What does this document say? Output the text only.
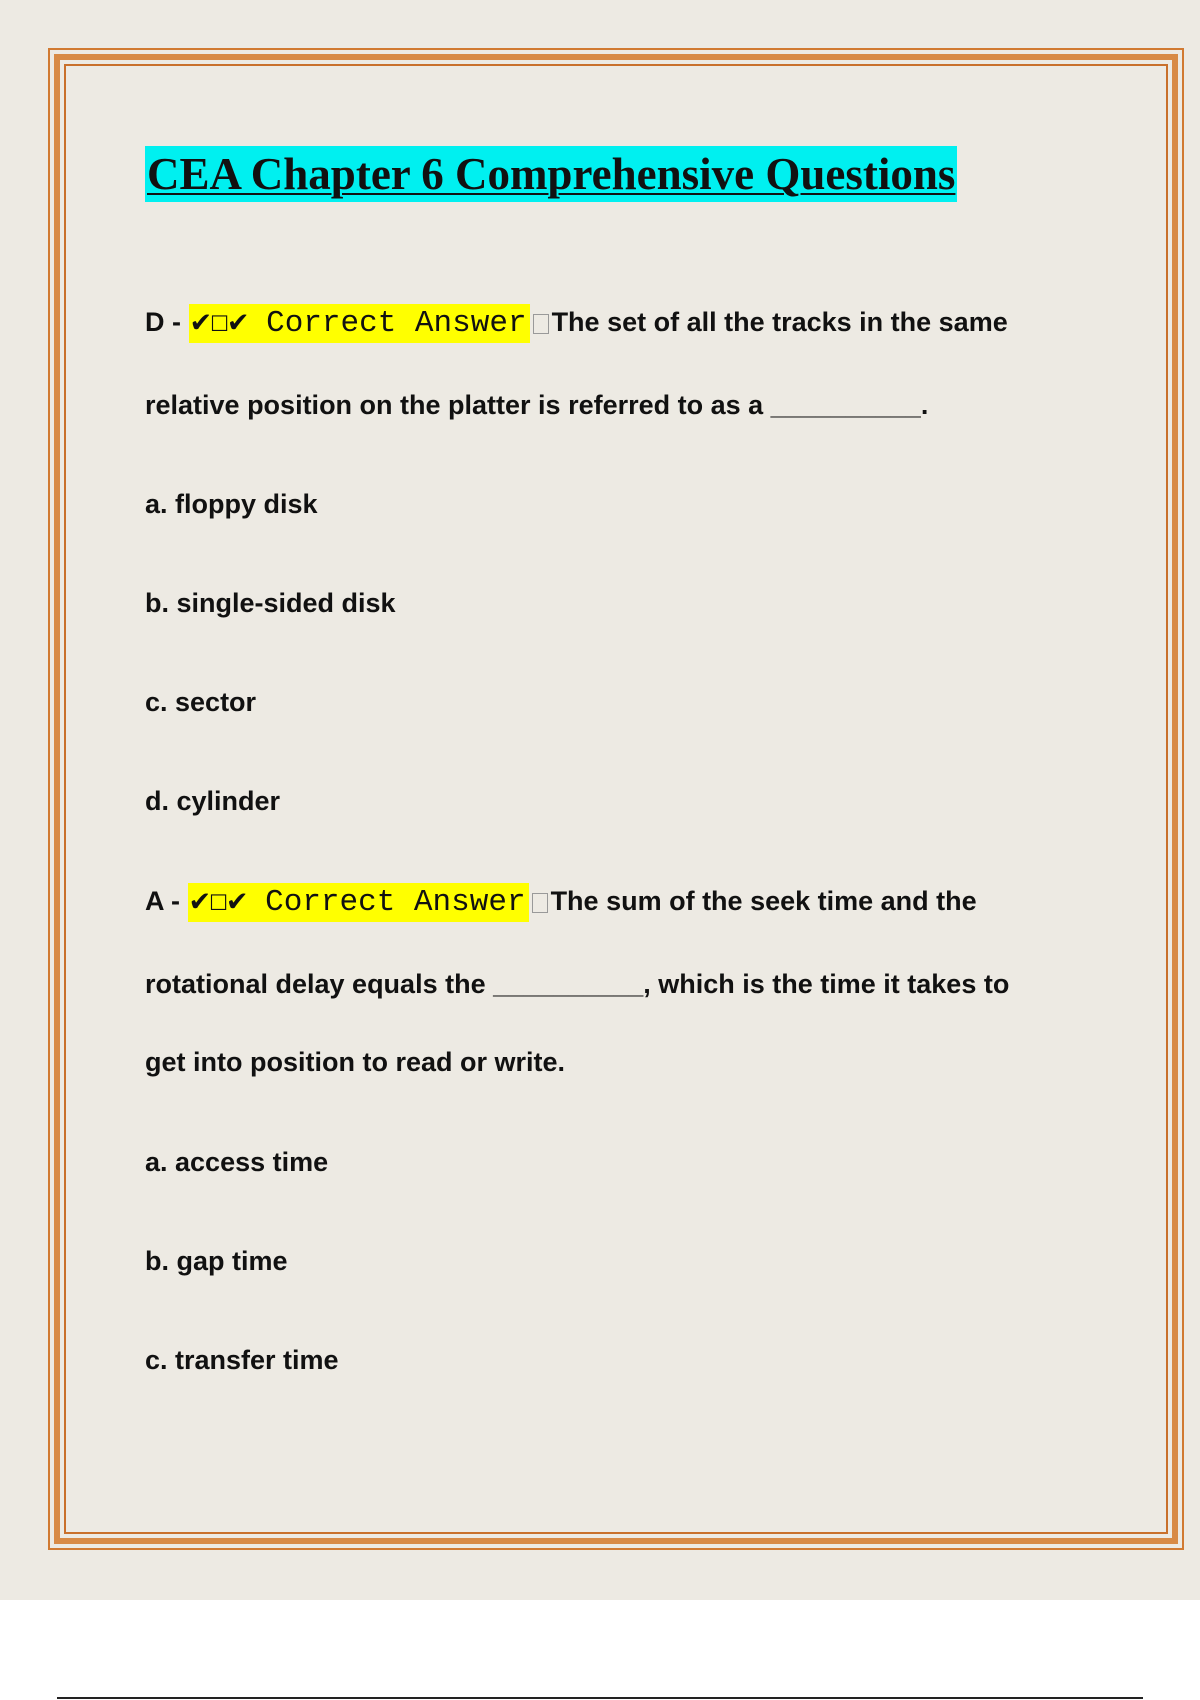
CEA Chapter 6 Comprehensive Questions
D - ✔☐✔ Correct Answer The set of all the tracks in the same
relative position on the platter is referred to as a __________.
a. floppy disk
b. single-sided disk
c. sector
d. cylinder
A - ✔☐✔ Correct Answer The sum of the seek time and the
rotational delay equals the __________, which is the time it takes to
get into position to read or write.
a. access time
b. gap time
c. transfer time
